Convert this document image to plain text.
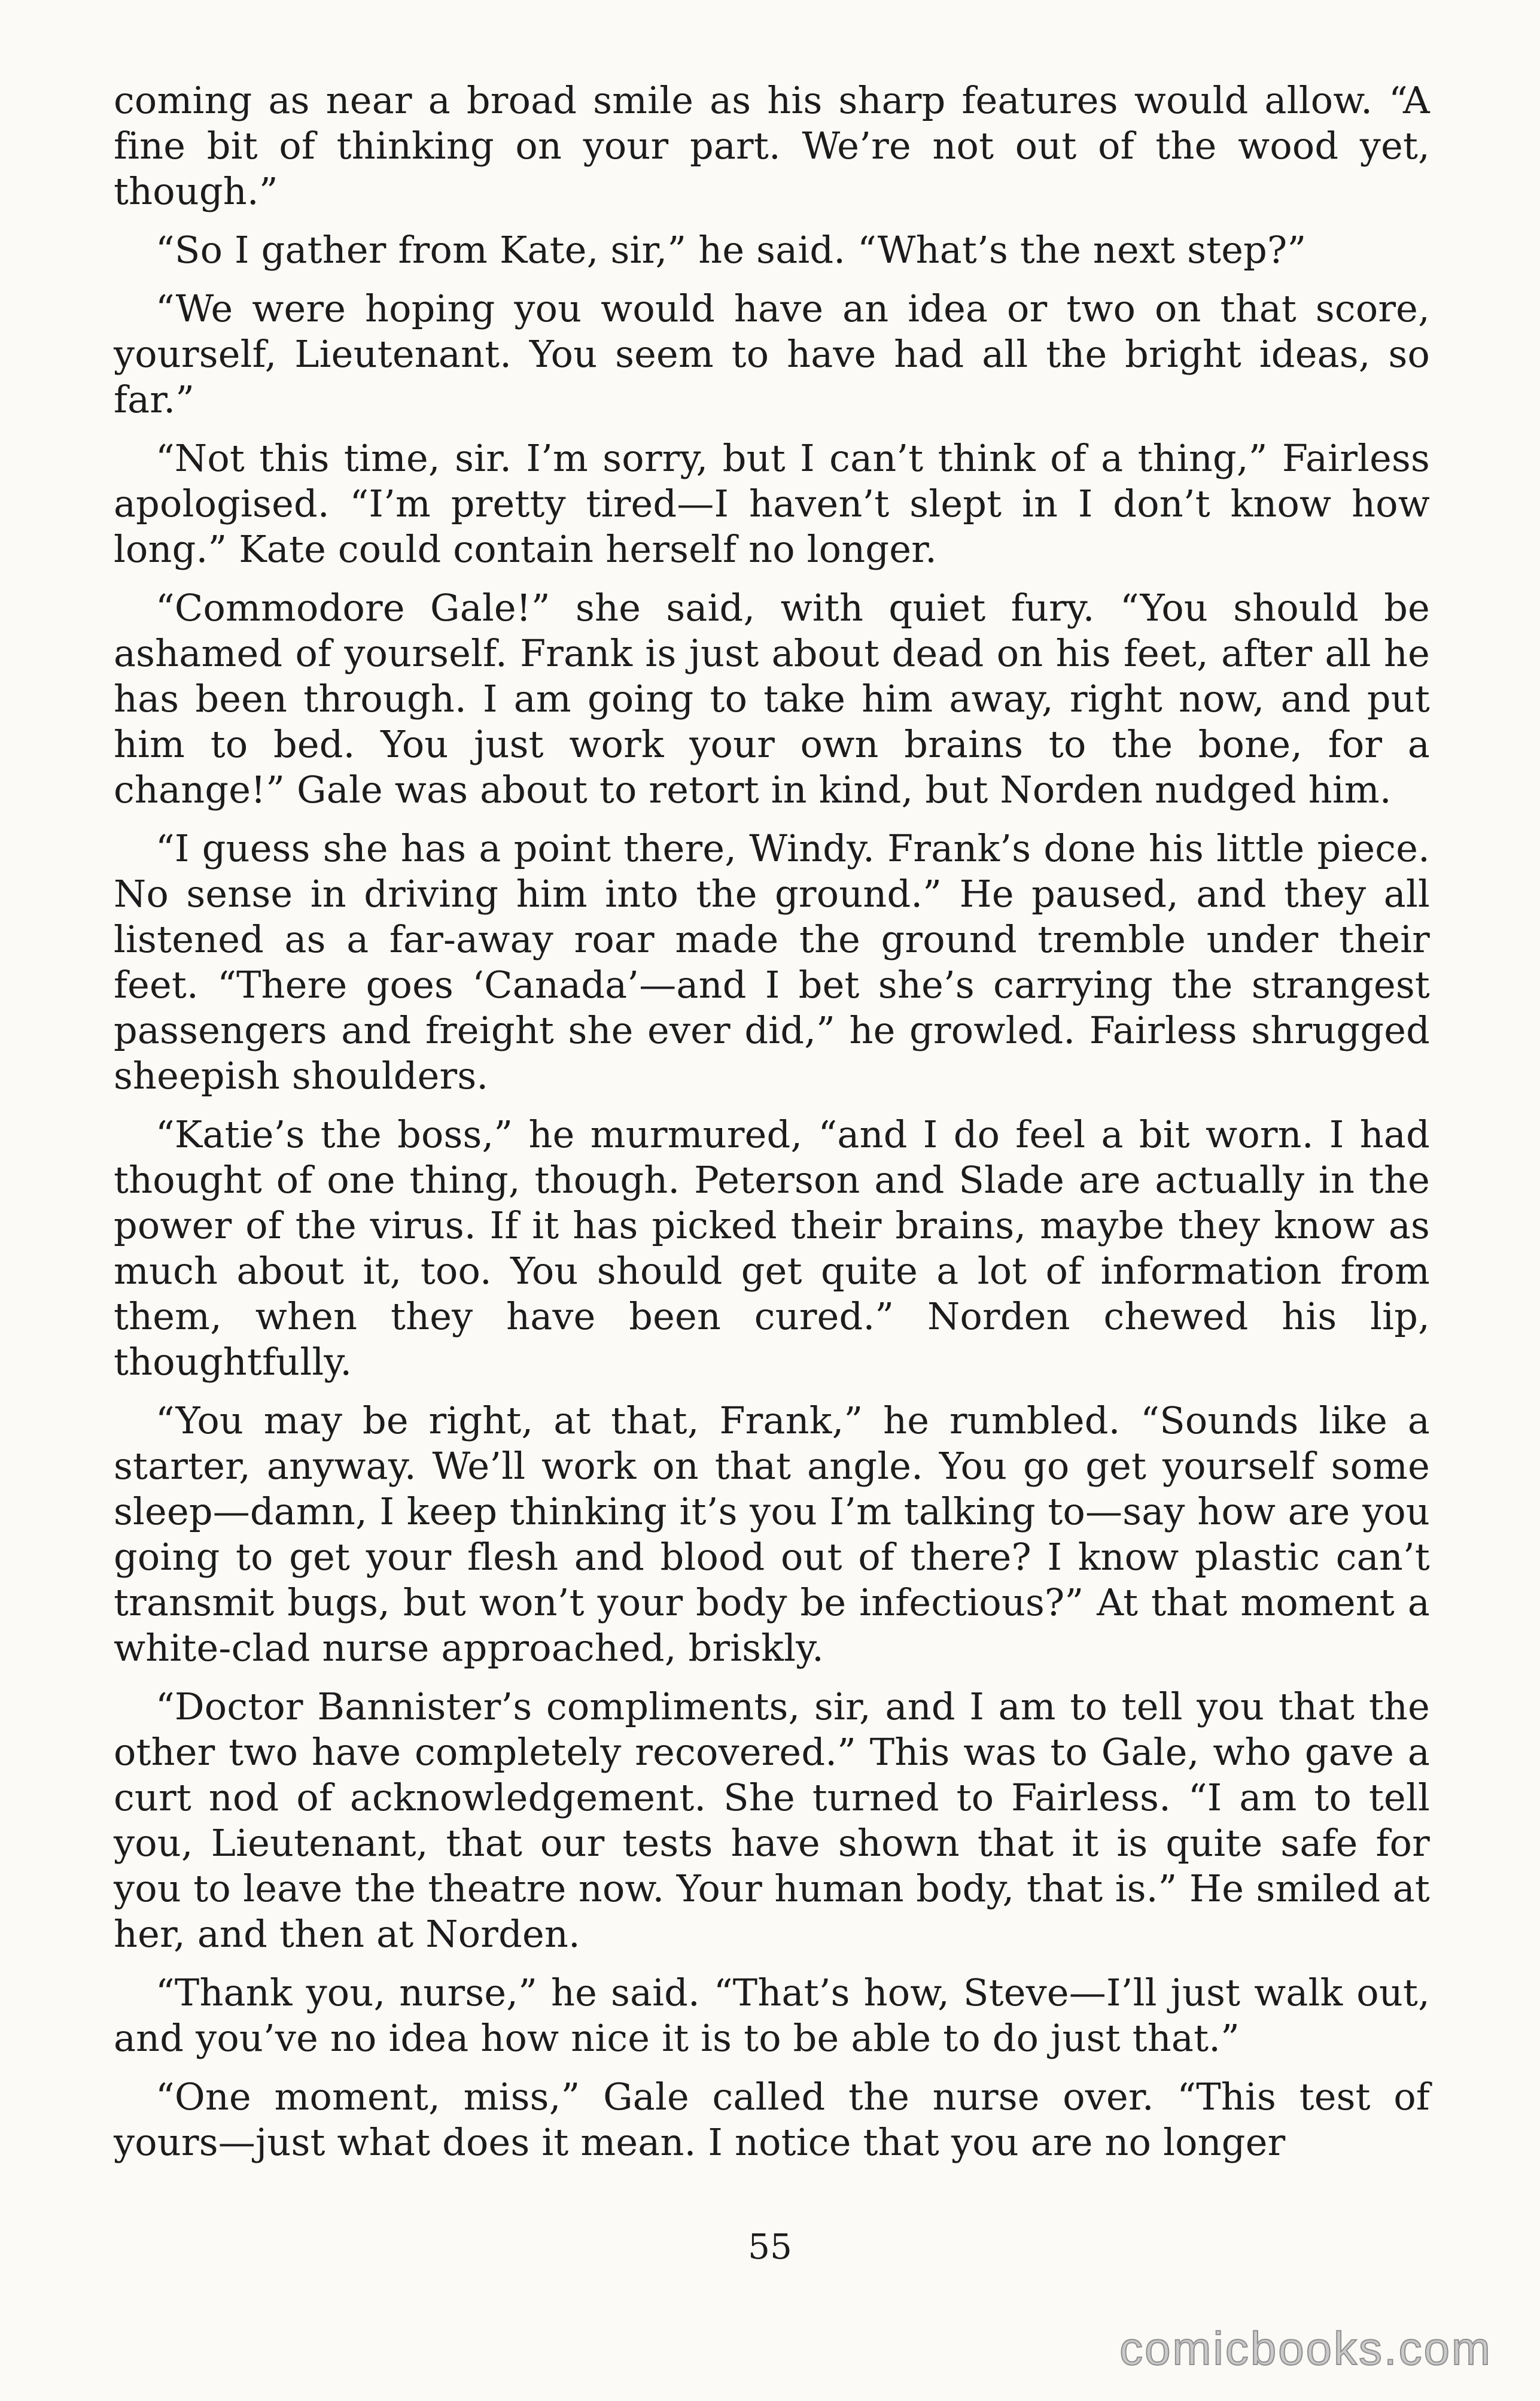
coming as near a broad smile as his sharp features would allow. “A fine bit of thinking on your part. We’re not out of the wood yet, though.”

“So I gather from Kate, sir,” he said. “What’s the next step?”

“We were hoping you would have an idea or two on that score, yourself, Lieutenant. You seem to have had all the bright ideas, so far.”

“Not this time, sir. I’m sorry, but I can’t think of a thing,” Fairless apologised. “I’m pretty tired—I haven’t slept in I don’t know how long.” Kate could contain herself no longer.

“Commodore Gale!” she said, with quiet fury. “You should be ashamed of yourself. Frank is just about dead on his feet, after all he has been through. I am going to take him away, right now, and put him to bed. You just work your own brains to the bone, for a change!” Gale was about to retort in kind, but Norden nudged him.

“I guess she has a point there, Windy. Frank’s done his little piece. No sense in driving him into the ground.” He paused, and they all listened as a far-away roar made the ground tremble under their feet. “There goes ‘Canada’—and I bet she’s carrying the strangest passengers and freight she ever did,” he growled. Fairless shrugged sheepish shoulders.

“Katie’s the boss,” he murmured, “and I do feel a bit worn. I had thought of one thing, though. Peterson and Slade are actually in the power of the virus. If it has picked their brains, maybe they know as much about it, too. You should get quite a lot of information from them, when they have been cured.” Norden chewed his lip, thoughtfully.

“You may be right, at that, Frank,” he rumbled. “Sounds like a starter, anyway. We’ll work on that angle. You go get yourself some sleep—damn, I keep thinking it’s you I’m talking to—say how are you going to get your flesh and blood out of there? I know plastic can’t transmit bugs, but won’t your body be infectious?” At that moment a white-clad nurse approached, briskly.

“Doctor Bannister’s compliments, sir, and I am to tell you that the other two have completely recovered.” This was to Gale, who gave a curt nod of acknowledgement. She turned to Fairless. “I am to tell you, Lieutenant, that our tests have shown that it is quite safe for you to leave the theatre now. Your human body, that is.” He smiled at her, and then at Norden.

“Thank you, nurse,” he said. “That’s how, Steve—I’ll just walk out, and you’ve no idea how nice it is to be able to do just that.”

“One moment, miss,” Gale called the nurse over. “This test of yours—just what does it mean. I notice that you are no longer

55
comicbooks.com
